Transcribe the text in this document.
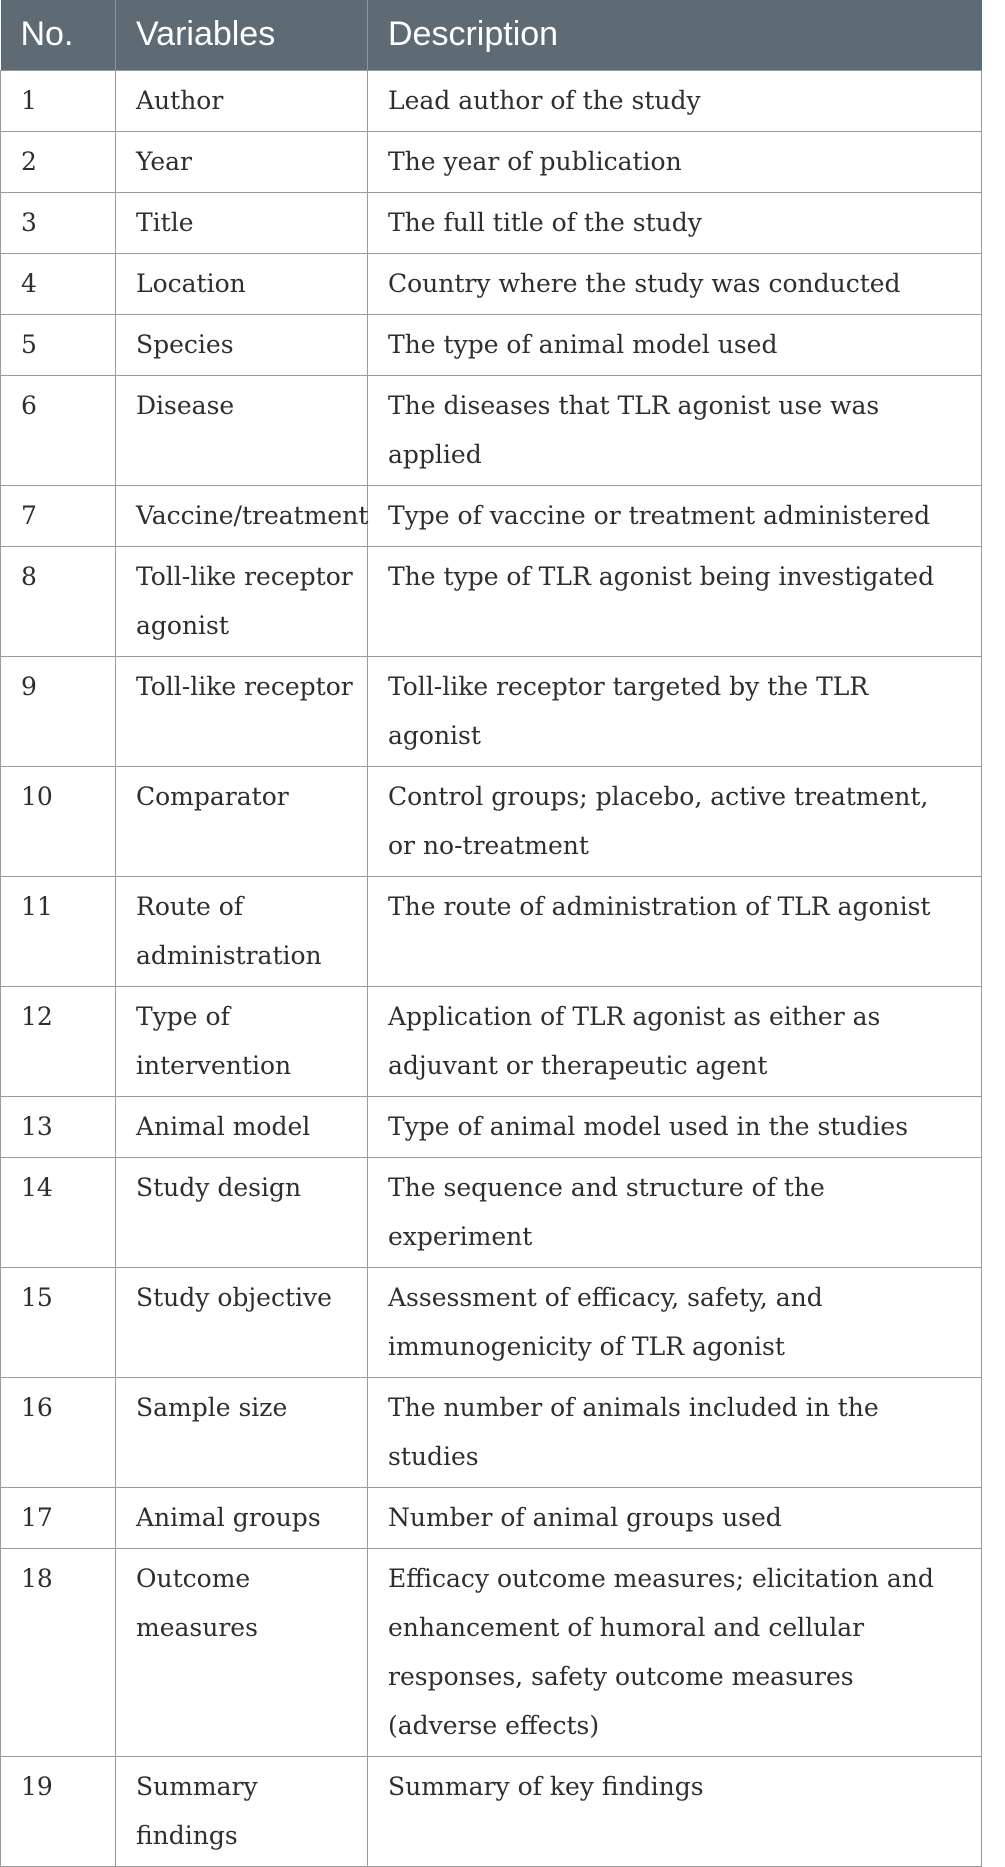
No.	Variables	Description
1	Author	Lead author of the study
2	Year	The year of publication
3	Title	The full title of the study
4	Location	Country where the study was conducted
5	Species	The type of animal model used
6	Disease	The diseases that TLR agonist use was applied
7	Vaccine/treatment	Type of vaccine or treatment administered
8	Toll-like receptor agonist	The type of TLR agonist being investigated
9	Toll-like receptor	Toll-like receptor targeted by the TLR agonist
10	Comparator	Control groups; placebo, active treatment, or no-treatment
11	Route of administration	The route of administration of TLR agonist
12	Type of intervention	Application of TLR agonist as either as adjuvant or therapeutic agent
13	Animal model	Type of animal model used in the studies
14	Study design	The sequence and structure of the experiment
15	Study objective	Assessment of efficacy, safety, and immunogenicity of TLR agonist
16	Sample size	The number of animals included in the studies
17	Animal groups	Number of animal groups used
18	Outcome measures	Efficacy outcome measures; elicitation and enhancement of humoral and cellular responses, safety outcome measures (adverse effects)
19	Summary findings	Summary of key findings
